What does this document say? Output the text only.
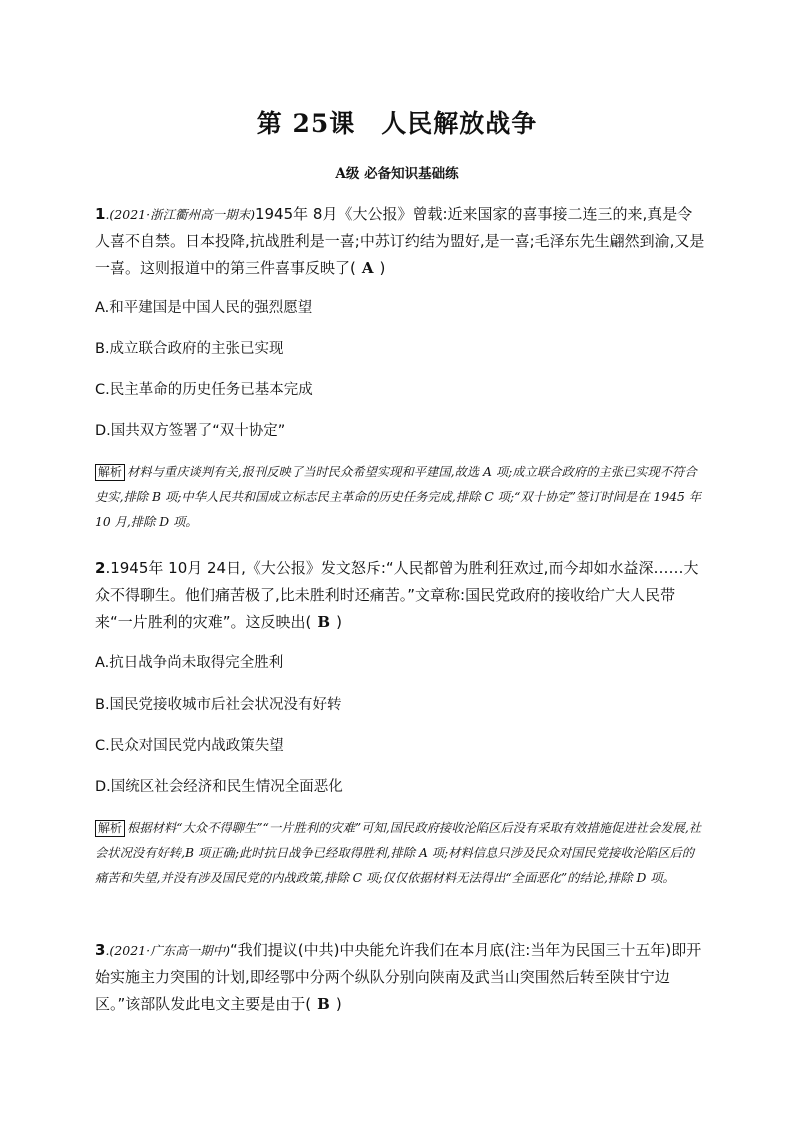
第 25课　人民解放战争
A级 必备知识基础练
1.(2021·浙江衢州高一期末)1945年 8月《大公报》曾载:近来国家的喜事接二连三的来,真是令人喜不自禁。日本投降,抗战胜利是一喜;中苏订约结为盟好,是一喜;毛泽东先生翩然到渝,又是一喜。这则报道中的第三件喜事反映了( A )
A.和平建国是中国人民的强烈愿望
B.成立联合政府的主张已实现
C.民主革命的历史任务已基本完成
D.国共双方签署了“双十协定”
解析 材料与重庆谈判有关,报刊反映了当时民众希望实现和平建国,故选 A 项;成立联合政府的主张已实现不符合史实,排除 B 项;中华人民共和国成立标志民主革命的历史任务完成,排除 C 项;“双十协定”签订时间是在 1945 年 10 月,排除 D 项。
2.1945年 10月 24日,《大公报》发文怒斥:“人民都曾为胜利狂欢过,而今却如水益深……大众不得聊生。他们痛苦极了,比未胜利时还痛苦。”文章称:国民党政府的接收给广大人民带来“一片胜利的灾难”。这反映出( B )
A.抗日战争尚未取得完全胜利
B.国民党接收城市后社会状况没有好转
C.民众对国民党内战政策失望
D.国统区社会经济和民生情况全面恶化
解析 根据材料“大众不得聊生”“一片胜利的灾难”可知,国民政府接收沦陷区后没有采取有效措施促进社会发展,社会状况没有好转,B 项正确;此时抗日战争已经取得胜利,排除 A 项;材料信息只涉及民众对国民党接收沦陷区后的痛苦和失望,并没有涉及国民党的内战政策,排除 C 项;仅仅依据材料无法得出“全面恶化”的结论,排除 D 项。
3.(2021·广东高一期中)“我们提议(中共)中央能允许我们在本月底(注:当年为民国三十五年)即开始实施主力突围的计划,即经鄂中分两个纵队分别向陕南及武当山突围然后转至陕甘宁边区。”该部队发此电文主要是由于( B )
